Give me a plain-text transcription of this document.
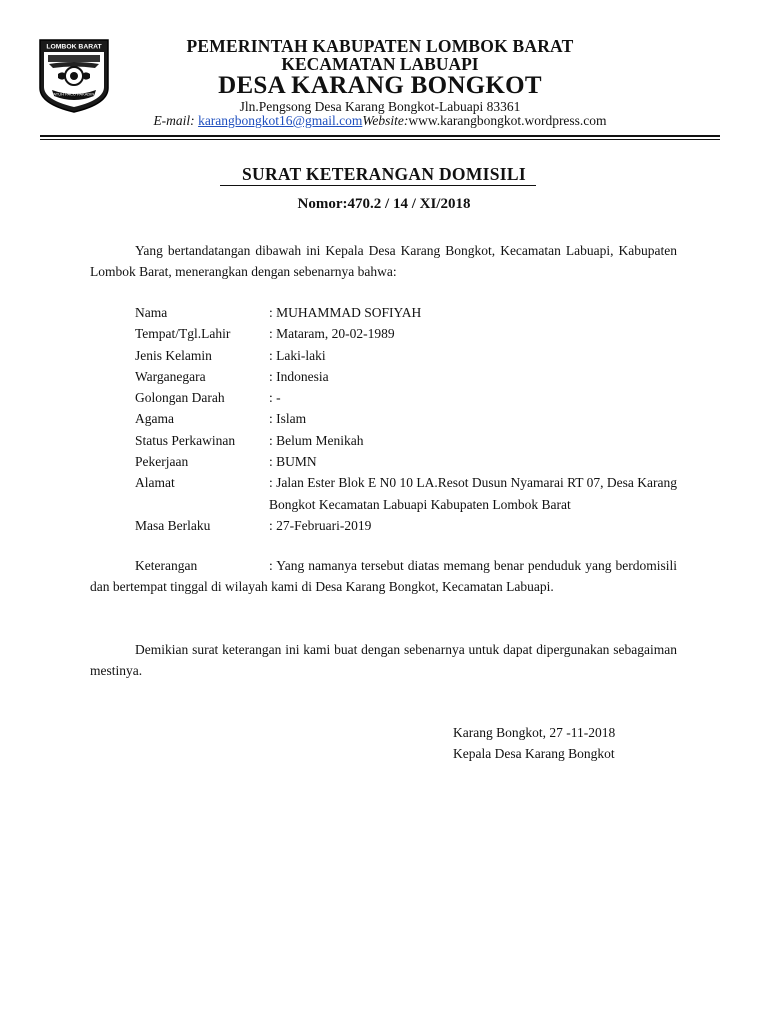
LOMBOK BARAT
PATUH PACU PAKADINA
PEMERINTAH KABUPATEN LOMBOK BARAT
KECAMATAN LABUAPI
DESA KARANG BONGKOT
Jln.Pengsong Desa Karang Bongkot-Labuapi 83361
E-mail: karangbongkot16@gmail.comWebsite:www.karangbongkot.wordpress.com
SURAT KETERANGAN DOMISILI
Nomor:470.2 / 14 / XI/2018
Yang bertandatangan dibawah ini Kepala Desa Karang Bongkot, Kecamatan Labuapi, Kabupaten Lombok Barat, menerangkan dengan sebenarnya bahwa:
Nama	: MUHAMMAD SOFIYAH
Tempat/Tgl.Lahir	: Mataram, 20-02-1989
Jenis Kelamin	: Laki-laki
Warganegara	: Indonesia
Golongan Darah	: -
Agama	: Islam
Status Perkawinan	: Belum Menikah
Pekerjaan	: BUMN
Alamat	: Jalan Ester Blok E N0 10 LA.Resot Dusun Nyamarai RT 07, Desa Karang Bongkot Kecamatan Labuapi Kabupaten Lombok Barat
Masa Berlaku	: 27-Februari-2019
Keterangan	: Yang namanya tersebut diatas memang benar penduduk yang berdomisili dan bertempat tinggal di wilayah kami di Desa Karang Bongkot, Kecamatan Labuapi.
Demikian surat keterangan ini kami buat dengan sebenarnya untuk dapat dipergunakan sebagaiman mestinya.
Karang Bongkot, 27 -11-2018
Kepala Desa Karang Bongkot
